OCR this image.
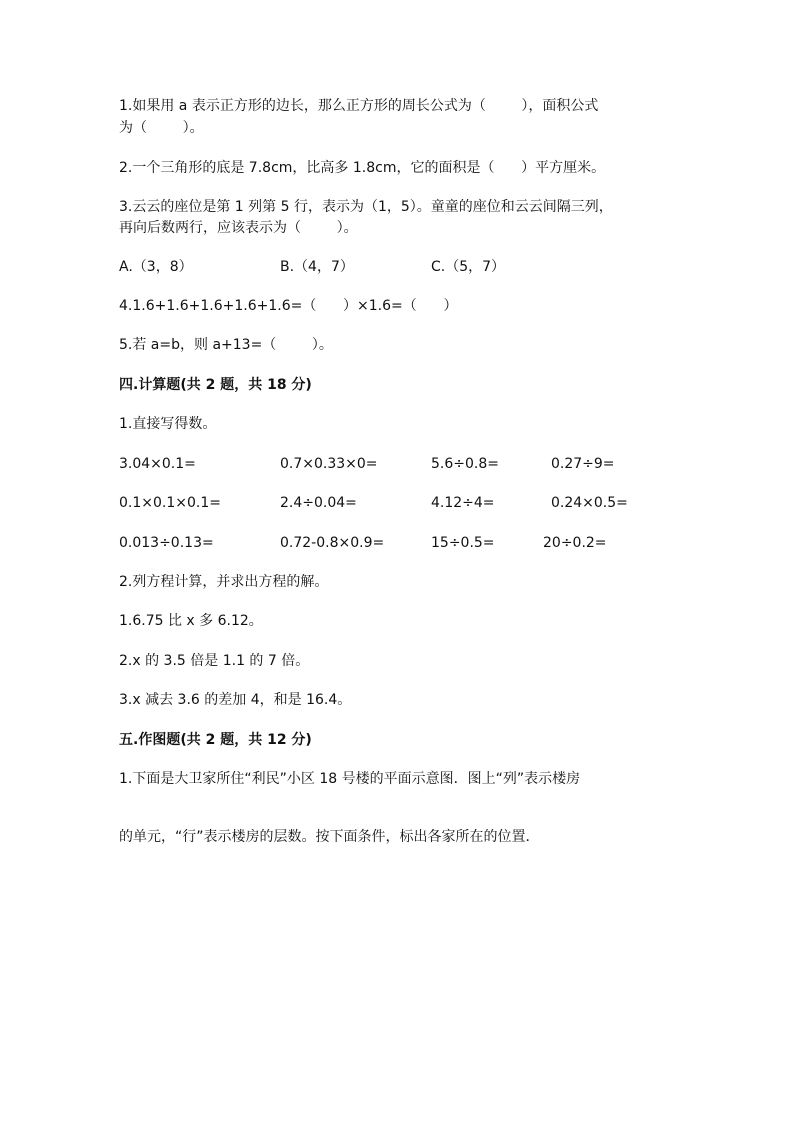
1.如果用 a 表示正方形的边长，那么正方形的周长公式为（        ），面积公式
为（        ）。
2.一个三角形的底是 7.8cm，比高多 1.8cm，它的面积是（      ）平方厘米。
3.云云的座位是第 1 列第 5 行，表示为（1，5）。童童的座位和云云间隔三列，
再向后数两行，应该表示为（        ）。
A.（3，8）	B.（4，7）	C.（5，7）
4.1.6+1.6+1.6+1.6+1.6=（      ）×1.6=（      ）
5.若 a=b，则 a+13=（        ）。
四.计算题(共 2 题，共 18 分)
1.直接写得数。
3.04×0.1=	0.7×0.33×0=	5.6÷0.8=	0.27÷9=
0.1×0.1×0.1=	2.4÷0.04=	4.12÷4=	0.24×0.5=
0.013÷0.13=	0.72-0.8×0.9=	15÷0.5=	20÷0.2=
2.列方程计算，并求出方程的解。
1.6.75 比 x 多 6.12。
2.x 的 3.5 倍是 1.1 的 7 倍。
3.x 减去 3.6 的差加 4，和是 16.4。
五.作图题(共 2 题，共 12 分)
1.下面是大卫家所住“利民”小区 18 号楼的平面示意图．图上“列”表示楼房
的单元，“行”表示楼房的层数。按下面条件，标出各家所在的位置．
